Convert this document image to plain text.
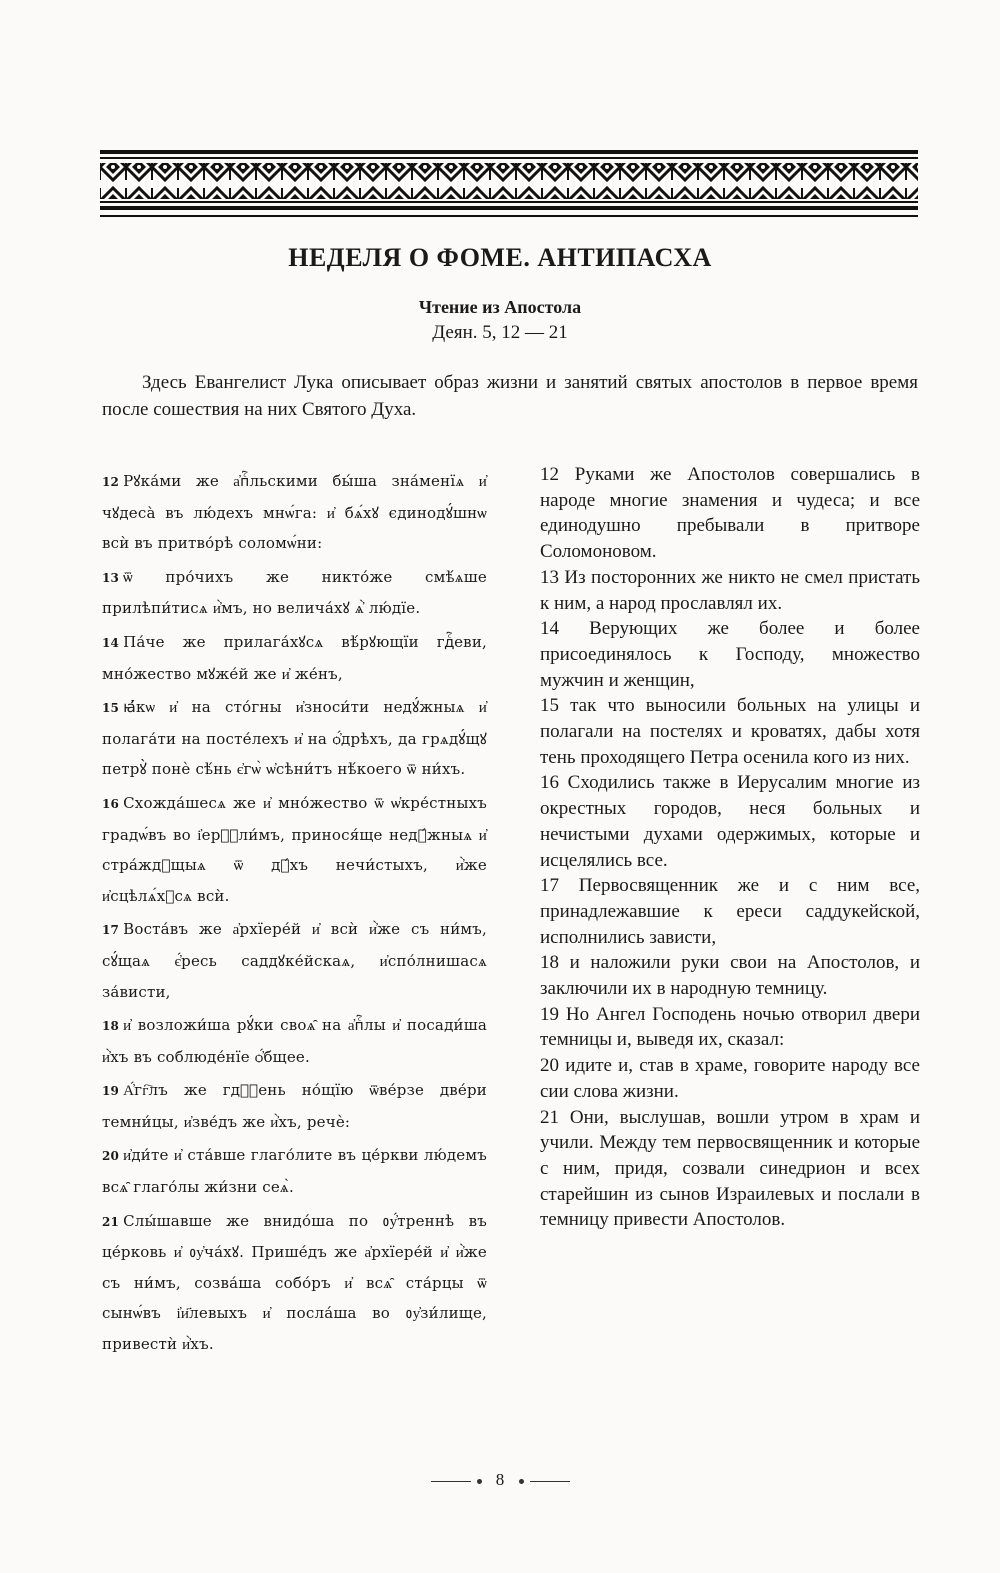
НЕДЕЛЯ О ФОМЕ. АНТИПАСХА
Чтение из Апостола
Деян. 5, 12 — 21

Здесь Евангелист Лука описывает образ жизни и занятий святых апостолов в первое время после сошествия на них Святого Духа.

12 Рꙋка́ми же а҆пⷭ҇льскими бы́ша зна́менїѧ и҆ чꙋдеса̀ въ лю́дехъ мнѡ́га: и҆ бѧ́хꙋ єдинодꙋ́шнѡ всѝ въ притво́рѣ соломѡ́ни:

13 ѿ про́чихъ же никто́же смѣ́ѧше прилѣпи́тисѧ и҆̀мъ, но велича́хꙋ ѧ҆̀ лю́дїе.

14 Па́че же прилага́хꙋсѧ вѣ́рꙋющїи гдⷭ҇еви, мно́жество мꙋже́й же и҆ же́нъ,

15 ꙗ҆́кѡ и҆ на сто́гны и҆зноси́ти недꙋ́жныѧ и҆ полага́ти на посте́лехъ и҆ на ѻ҆́дрѣхъ, да грѧдꙋ́щꙋ петрꙋ̀ понѐ сѣ́нь є҆гѡ̀ ѡ҆сѣни́тъ нѣ́коего ѿ ни́хъ.

16 Схожда́шесѧ же и҆ мно́жество ѿ ѡ҆кре́стныхъ градѡ́въ во і҆ерⷭ҇ли́мъ, принося́ще недꙋ́жныѧ и҆ стра́ждꙋщыѧ ѿ дꙋ́хъ нечи́стыхъ, и҆̀же и҆сцѣлѧ́хꙋсѧ всѝ.

17 Воста́въ же а҆рхїере́й и҆ всѝ и҆̀же съ ни́мъ, сꙋ́щаѧ є҆́ресь саддꙋке́йскаѧ, и҆спо́лнишасѧ за́висти,

18 и҆ возложи́ша рꙋ́ки своѧ̑ на а҆пⷭ҇лы и҆ посади́ша и҆̀хъ въ соблюде́нїе ѻ҆́бщее.

19 А҆́гг҇лъ же гдⷭ҇ень но́щїю ѿве́рзе две́ри темни́цы, и҆зве́дъ же и҆̀хъ, речѐ:

20 и҆ди́те и҆ ста́вше глаго́лите въ це́ркви лю́демъ всѧ̑ глаго́лы жи́зни сеѧ̀.

21 Слы́шавше же внидо́ша по ᲂу҆́треннѣ въ це́рковь и҆ ᲂу҆ча́хꙋ. Прише́дъ же а҆рхїере́й и҆ и҆̀же съ ни́мъ, созва́ша собо́ръ и҆ всѧ̑ ста́рцы ѿ сынѡ́въ і҆и҃левыхъ и҆ посла́ша во ᲂу҆зи́лище, привестѝ и҆̀хъ.

12 Руками же Апостолов совершались в народе многие знамения и чудеса; и все единодушно пребывали в притворе Соломоновом.

13 Из посторонних же никто не смел пристать к ним, а народ прославлял их.

14 Верующих же более и более присоединялось к Господу, множество мужчин и женщин,

15 так что выносили больных на улицы и полагали на постелях и кроватях, дабы хотя тень проходящего Петра осенила кого из них.

16 Сходились также в Иерусалим многие из окрестных городов, неся больных и нечистыми духами одержимых, которые и исцелялись все.

17 Первосвященник же и с ним все, принадлежавшие к ереси саддукейской, исполнились зависти,

18 и наложили руки свои на Апостолов, и заключили их в народную темницу.

19 Но Ангел Господень ночью отворил двери темницы и, выведя их, сказал:

20 идите и, став в храме, говорите народу все сии слова жизни.

21 Они, выслушав, вошли утром в храм и учили. Между тем первосвященник и которые с ним, придя, созвали синедрион и всех старейшин из сынов Израилевых и послали в темницу привести Апостолов.

8
